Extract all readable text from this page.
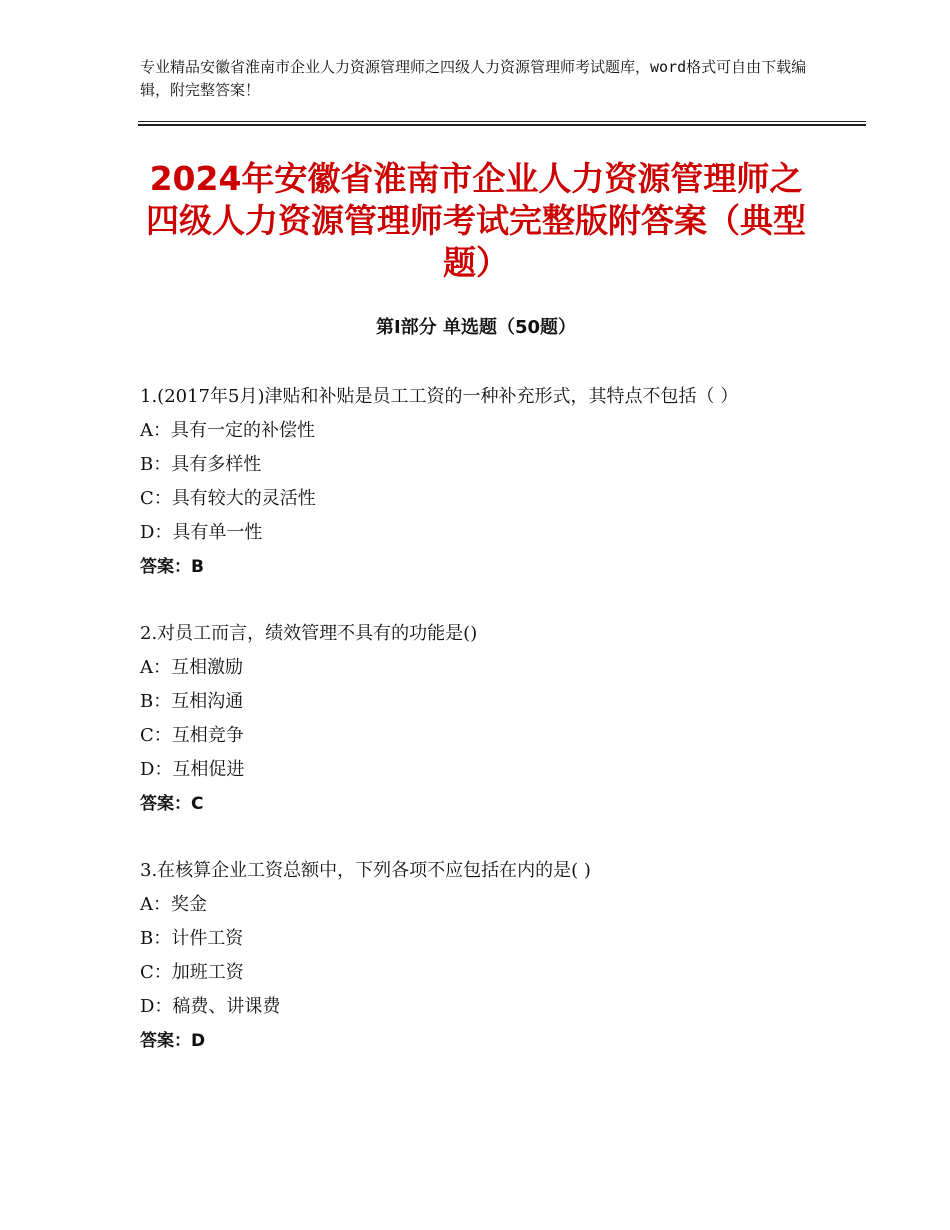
专业精品安徽省淮南市企业人力资源管理师之四级人力资源管理师考试题库，word格式可自由下载编辑，附完整答案！
2024年安徽省淮南市企业人力资源管理师之四级人力资源管理师考试完整版附答案（典型题）
第Ⅰ部分 单选题（50题）
1.(2017年5月)津贴和补贴是员工工资的一种补充形式，其特点不包括（ ）
A：具有一定的补偿性
B：具有多样性
C：具有较大的灵活性
D：具有单一性
答案：B
2.对员工而言，绩效管理不具有的功能是()
A：互相激励
B：互相沟通
C：互相竞争
D：互相促进
答案：C
3.在核算企业工资总额中，下列各项不应包括在内的是( )
A：奖金
B：计件工资
C：加班工资
D：稿费、讲课费
答案：D
